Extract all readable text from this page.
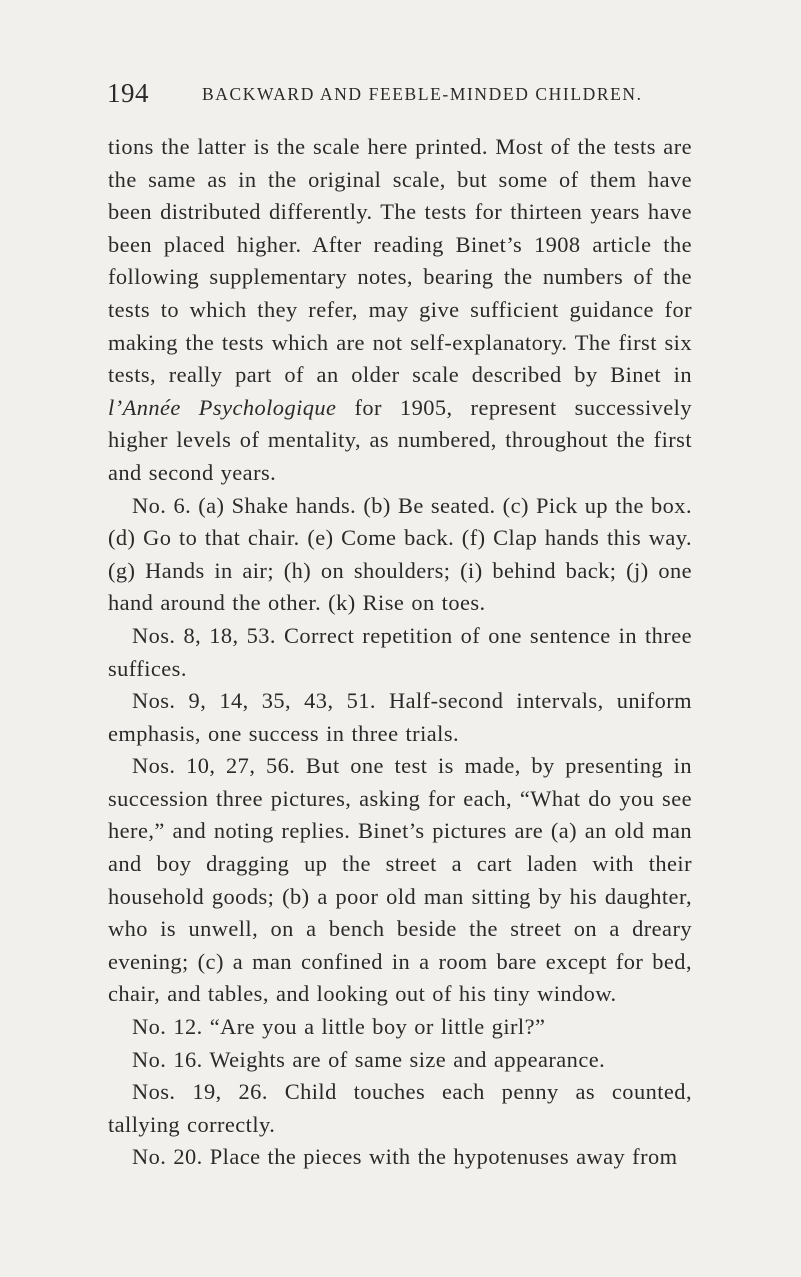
194	BACKWARD AND FEEBLE-MINDED CHILDREN.

tions the latter is the scale here printed. Most of the tests are the same as in the original scale, but some of them have been distributed differently. The tests for thirteen years have been placed higher. After reading Binet’s 1908 article the following supplementary notes, bearing the numbers of the tests to which they refer, may give sufficient guidance for making the tests which are not self-explanatory. The first six tests, really part of an older scale described by Binet in l’Année Psychologique for 1905, represent successively higher levels of mentality, as numbered, throughout the first and second years.

No. 6. (a) Shake hands. (b) Be seated. (c) Pick up the box. (d) Go to that chair. (e) Come back. (f) Clap hands this way. (g) Hands in air; (h) on shoulders; (i) behind back; (j) one hand around the other. (k) Rise on toes.

Nos. 8, 18, 53. Correct repetition of one sentence in three suffices.

Nos. 9, 14, 35, 43, 51. Half-second intervals, uniform emphasis, one success in three trials.

Nos. 10, 27, 56. But one test is made, by presenting in succession three pictures, asking for each, “What do you see here,” and noting replies. Binet’s pictures are (a) an old man and boy dragging up the street a cart laden with their household goods; (b) a poor old man sitting by his daughter, who is unwell, on a bench beside the street on a dreary evening; (c) a man confined in a room bare except for bed, chair, and tables, and looking out of his tiny window.

No. 12. “Are you a little boy or little girl?”

No. 16. Weights are of same size and appearance.

Nos. 19, 26. Child touches each penny as counted, tallying correctly.

No. 20. Place the pieces with the hypotenuses away from
